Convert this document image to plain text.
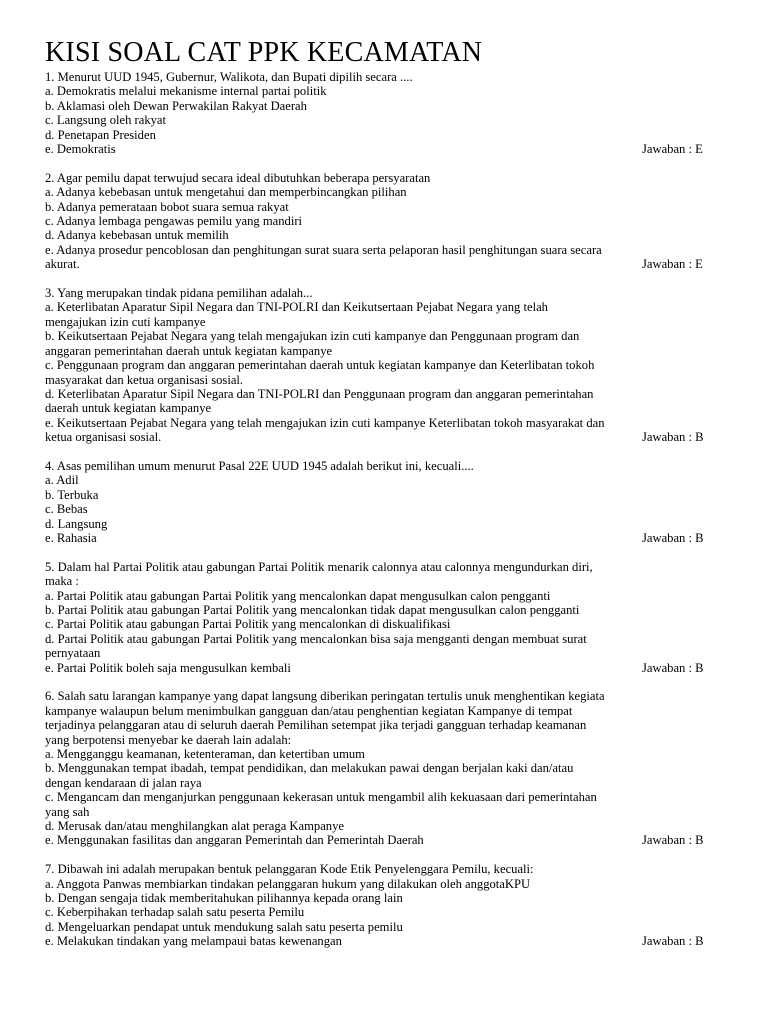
KISI SOAL CAT PPK KECAMATAN
1. Menurut UUD 1945, Gubernur, Walikota, dan Bupati dipilih secara ....
a. Demokratis melalui mekanisme internal partai politik
b. Aklamasi oleh Dewan Perwakilan Rakyat Daerah
c. Langsung oleh rakyat
d. Penetapan Presiden
e. Demokratis	Jawaban : E
2. Agar pemilu dapat terwujud secara ideal dibutuhkan beberapa persyaratan
a. Adanya kebebasan untuk mengetahui dan memperbincangkan pilihan
b. Adanya pemerataan bobot suara semua rakyat
c. Adanya lembaga pengawas pemilu yang mandiri
d. Adanya kebebasan untuk memilih
e. Adanya prosedur pencoblosan dan penghitungan surat suara serta pelaporan hasil penghitungan suara secara
akurat.	Jawaban : E
3. Yang merupakan tindak pidana pemilihan adalah...
a. Keterlibatan Aparatur Sipil Negara dan TNI-POLRI dan Keikutsertaan Pejabat Negara yang telah
mengajukan izin cuti kampanye
b. Keikutsertaan Pejabat Negara yang telah mengajukan izin cuti kampanye dan Penggunaan program dan
anggaran pemerintahan daerah untuk kegiatan kampanye
c. Penggunaan program dan anggaran pemerintahan daerah untuk kegiatan kampanye dan Keterlibatan tokoh
masyarakat dan ketua organisasi sosial.
d. Keterlibatan Aparatur Sipil Negara dan TNI-POLRI dan Penggunaan program dan anggaran pemerintahan
daerah untuk kegiatan kampanye
e. Keikutsertaan Pejabat Negara yang telah mengajukan izin cuti kampanye Keterlibatan tokoh masyarakat dan
ketua organisasi sosial.	Jawaban : B
4. Asas pemilihan umum menurut Pasal 22E UUD 1945 adalah berikut ini, kecuali....
a. Adil
b. Terbuka
c. Bebas
d. Langsung
e. Rahasia	Jawaban : B
5. Dalam hal Partai Politik atau gabungan Partai Politik menarik calonnya atau calonnya mengundurkan diri,
maka :
a. Partai Politik atau gabungan Partai Politik yang mencalonkan dapat mengusulkan calon pengganti
b. Partai Politik atau gabungan Partai Politik yang mencalonkan tidak dapat mengusulkan calon pengganti
c. Partai Politik atau gabungan Partai Politik yang mencalonkan di diskualifikasi
d. Partai Politik atau gabungan Partai Politik yang mencalonkan bisa saja mengganti dengan membuat surat
pernyataan
e. Partai Politik boleh saja mengusulkan kembali	Jawaban : B
6. Salah satu larangan kampanye yang dapat langsung diberikan peringatan tertulis unuk menghentikan kegiata
kampanye walaupun belum menimbulkan gangguan dan/atau penghentian kegiatan Kampanye di tempat
terjadinya pelanggaran atau di seluruh daerah Pemilihan setempat jika terjadi gangguan terhadap keamanan
yang berpotensi menyebar ke daerah lain adalah:
a. Mengganggu keamanan, ketenteraman, dan ketertiban umum
b. Menggunakan tempat ibadah, tempat pendidikan, dan melakukan pawai dengan berjalan kaki dan/atau
dengan kendaraan di jalan raya
c. Mengancam dan menganjurkan penggunaan kekerasan untuk mengambil alih kekuasaan dari pemerintahan
yang sah
d. Merusak dan/atau menghilangkan alat peraga Kampanye
e. Menggunakan fasilitas dan anggaran Pemerintah dan Pemerintah Daerah	Jawaban : B
7. Dibawah ini adalah merupakan bentuk pelanggaran Kode Etik Penyelenggara Pemilu, kecuali:
a. Anggota Panwas membiarkan tindakan pelanggaran hukum yang dilakukan oleh anggotaKPU
b. Dengan sengaja tidak memberitahukan pilihannya kepada orang lain
c. Keberpihakan terhadap salah satu peserta Pemilu
d. Mengeluarkan pendapat untuk mendukung salah satu peserta pemilu
e. Melakukan tindakan yang melampaui batas kewenangan	Jawaban : B
